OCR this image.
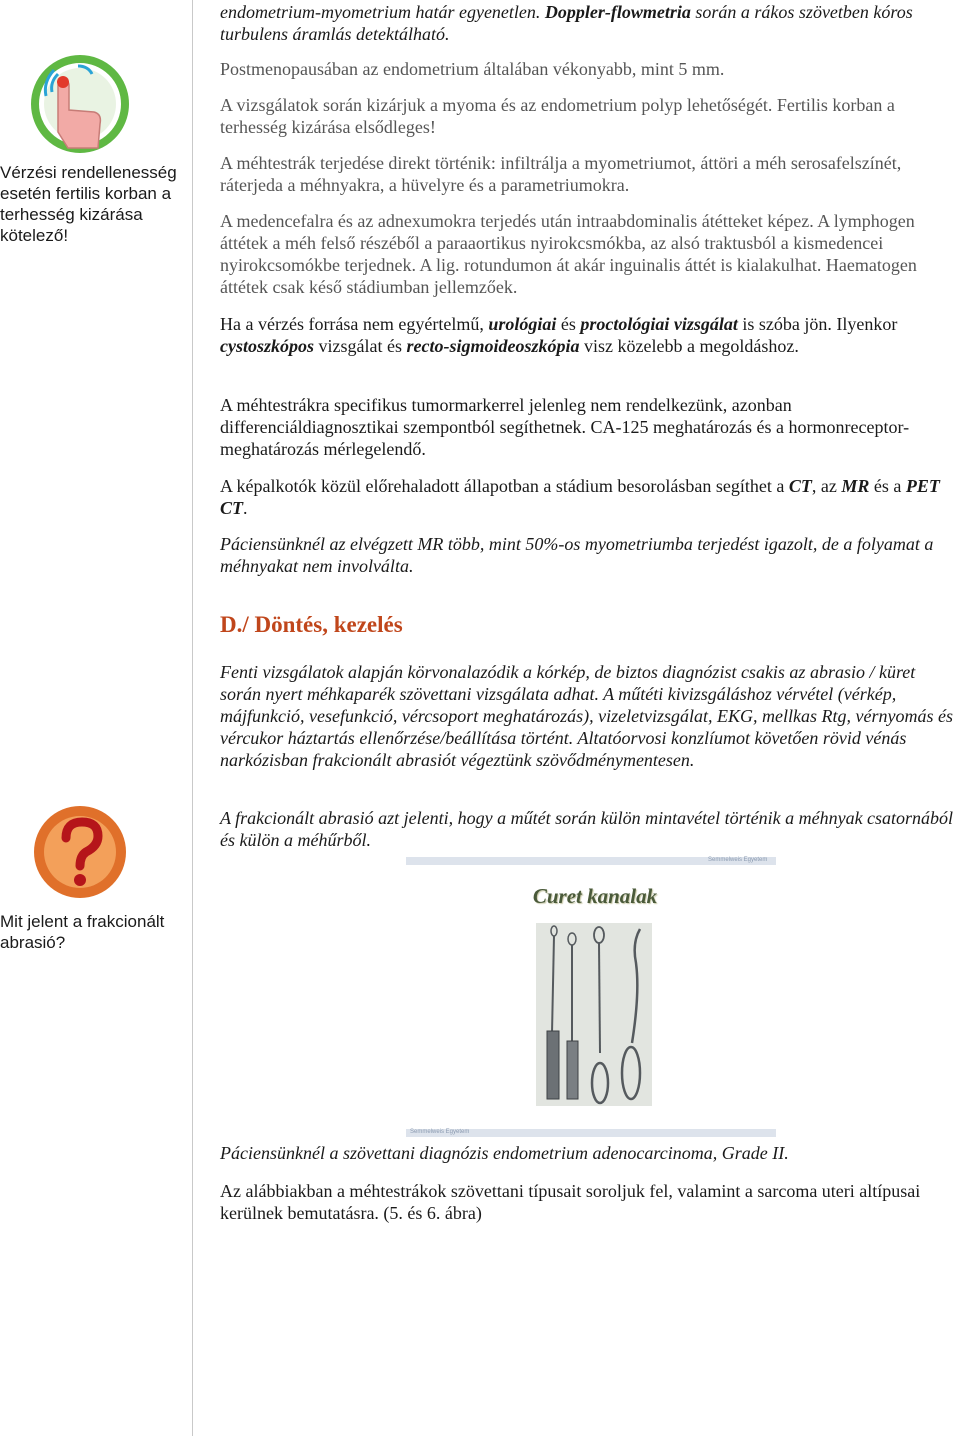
Vérzési rendellenesség esetén fertilis korban a terhesség kizárása kötelező!
Mit jelent a frakcionált abrasió?

endometrium-myometrium határ egyenetlen. Doppler-flowmetria során a rákos szövetben kóros turbulens áramlás detektálható.

Postmenopausában az endometrium általában vékonyabb, mint 5 mm.

A vizsgálatok során kizárjuk a myoma és az endometrium polyp lehetőségét. Fertilis korban a terhesség kizárása elsődleges!

A méhtestrák terjedése direkt történik: infiltrálja a myometriumot, áttöri a méh serosafelszínét, ráterjeda a méhnyakra, a hüvelyre és a parametriumokra.

A medencefalra és az adnexumokra terjedés után intraabdominalis átétteket képez. A lymphogen áttétek a méh felső részéből a paraaortikus nyirokcsmókba, az alsó traktusból a kismedencei nyirokcsomókbe terjednek. A lig. rotundumon át akár inguinalis áttét is kialakulhat. Haematogen áttétek csak késő stádiumban jellemzőek.

Ha a vérzés forrása nem egyértelmű, urológiai és proctológiai vizsgálat is szóba jön. Ilyenkor cystoszkópos vizsgálat és recto-sigmoideoszkópia visz közelebb a megoldáshoz.

A méhtestrákra specifikus tumormarkerrel jelenleg nem rendelkezünk, azonban differenciáldiagnosztikai szempontból segíthetnek. CA-125 meghatározás és a hormonreceptor-meghatározás mérlegelendő.

A képalkotók közül előrehaladott állapotban a stádium besorolásban segíthet a CT, az MR és a PET CT.

Páciensünknél az elvégzett MR több, mint 50%-os myometriumba terjedést igazolt, de a folyamat a méhnyakat nem involválta.

D./ Döntés, kezelés

Fenti vizsgálatok alapján körvonalazódik a kórkép, de biztos diagnózist csakis az abrasio / küret során nyert méhkaparék szövettani vizsgálata adhat. A műtéti kivizsgáláshoz vérvétel (vérkép, májfunkció, vesefunkció, vércsoport meghatározás), vizeletvizsgálat, EKG, mellkas Rtg, vérnyomás és vércukor háztartás ellenőrzése/beállítása történt. Altatóorvosi konzlíumot követően rövid vénás narkózisban frakcionált abrasiót végeztünk szövődménymentesen.

A frakcionált abrasió azt jelenti, hogy a műtét során külön mintavétel történik a méhnyak csatornából és külön a méhűrből.

Páciensünknél a szövettani diagnózis endometrium adenocarcinoma, Grade II.

Az alábbiakban a méhtestrákok szövettani típusait soroljuk fel, valamint a sarcoma uteri altípusai kerülnek bemutatásra. (5. és 6. ábra)

Semmelweis Egyetem
Curet kanalak
Semmelweis Egyetem
